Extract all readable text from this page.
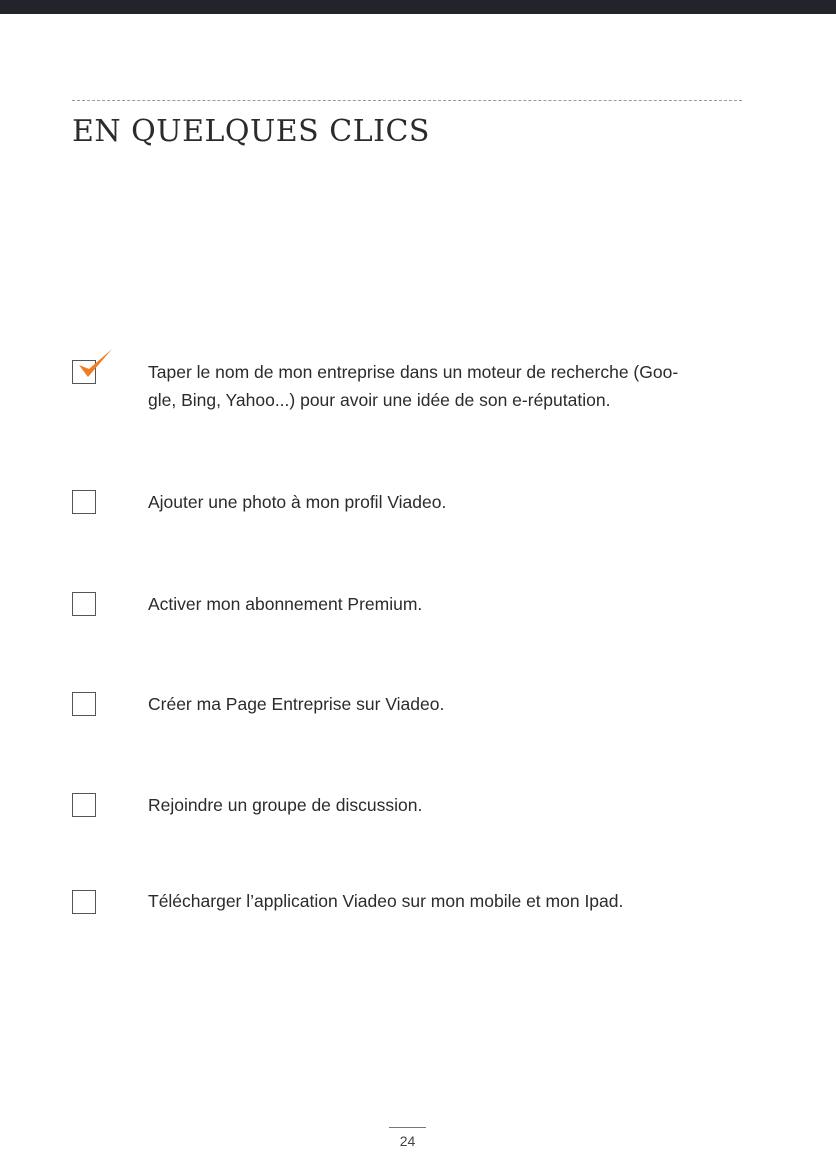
EN QUELQUES CLICS
Taper le nom de mon entreprise dans un moteur de recherche (Goo-
gle, Bing, Yahoo...) pour avoir une idée de son e-réputation.
Ajouter une photo à mon profil Viadeo.
Activer mon abonnement Premium.
Créer ma Page Entreprise sur Viadeo.
Rejoindre un groupe de discussion.
Télécharger l’application Viadeo sur mon mobile et mon Ipad.
24
